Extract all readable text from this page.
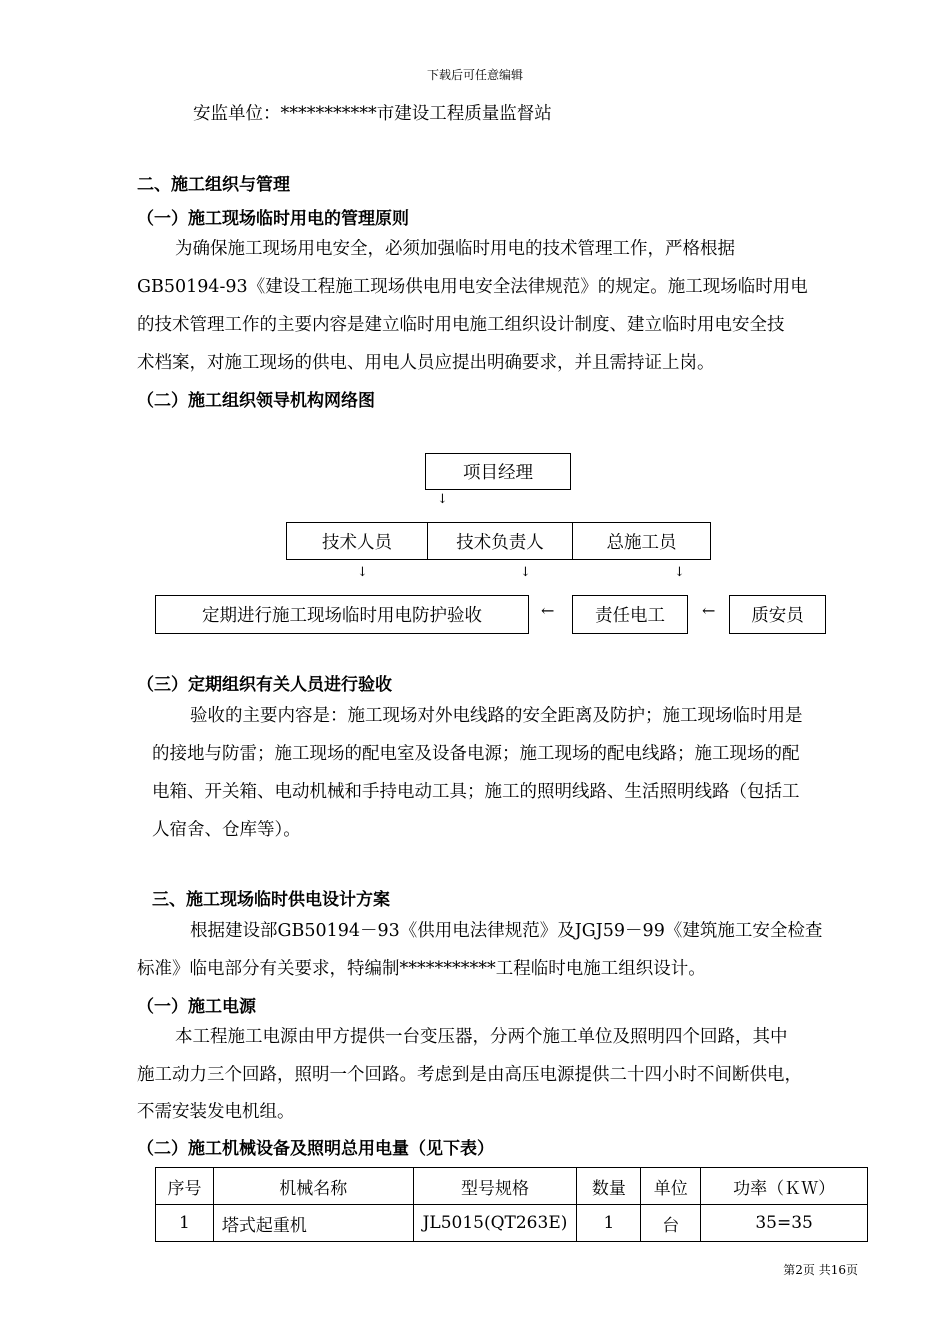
下载后可任意编辑
安监单位：***********市建设工程质量监督站
二、施工组织与管理
（一）施工现场临时用电的管理原则
为确保施工现场用电安全，必须加强临时用电的技术管理工作，严格根据
GB50194-93《建设工程施工现场供电用电安全法律规范》的规定。施工现场临时用电
的技术管理工作的主要内容是建立临时用电施工组织设计制度、建立临时用电安全技
术档案，对施工现场的供电、用电人员应提出明确要求，并且需持证上岗。
（二）施工组织领导机构网络图
项目经理
↓
技术人员	技术负责人	总施工员
↓	↓	↓
定期进行施工现场临时用电防护验收	←	责任电工	←	质安员
（三）定期组织有关人员进行验收
验收的主要内容是：施工现场对外电线路的安全距离及防护；施工现场临时用是
的接地与防雷；施工现场的配电室及设备电源；施工现场的配电线路；施工现场的配
电箱、开关箱、电动机械和手持电动工具；施工的照明线路、生活照明线路（包括工
人宿舍、仓库等）。
三、施工现场临时供电设计方案
根据建设部GB50194－93《供用电法律规范》及JGJ59－99《建筑施工安全检查
标准》临电部分有关要求，特编制***********工程临时电施工组织设计。
（一）施工电源
本工程施工电源由甲方提供一台变压器，分两个施工单位及照明四个回路，其中
施工动力三个回路，照明一个回路。考虑到是由高压电源提供二十四小时不间断供电，
不需安装发电机组。
（二）施工机械设备及照明总用电量（见下表）
序号	机械名称	型号规格	数量	单位	功率（ＫＷ）
1	塔式起重机	JL5015(QT263E)	1	台	35=35
第2页 共16页
